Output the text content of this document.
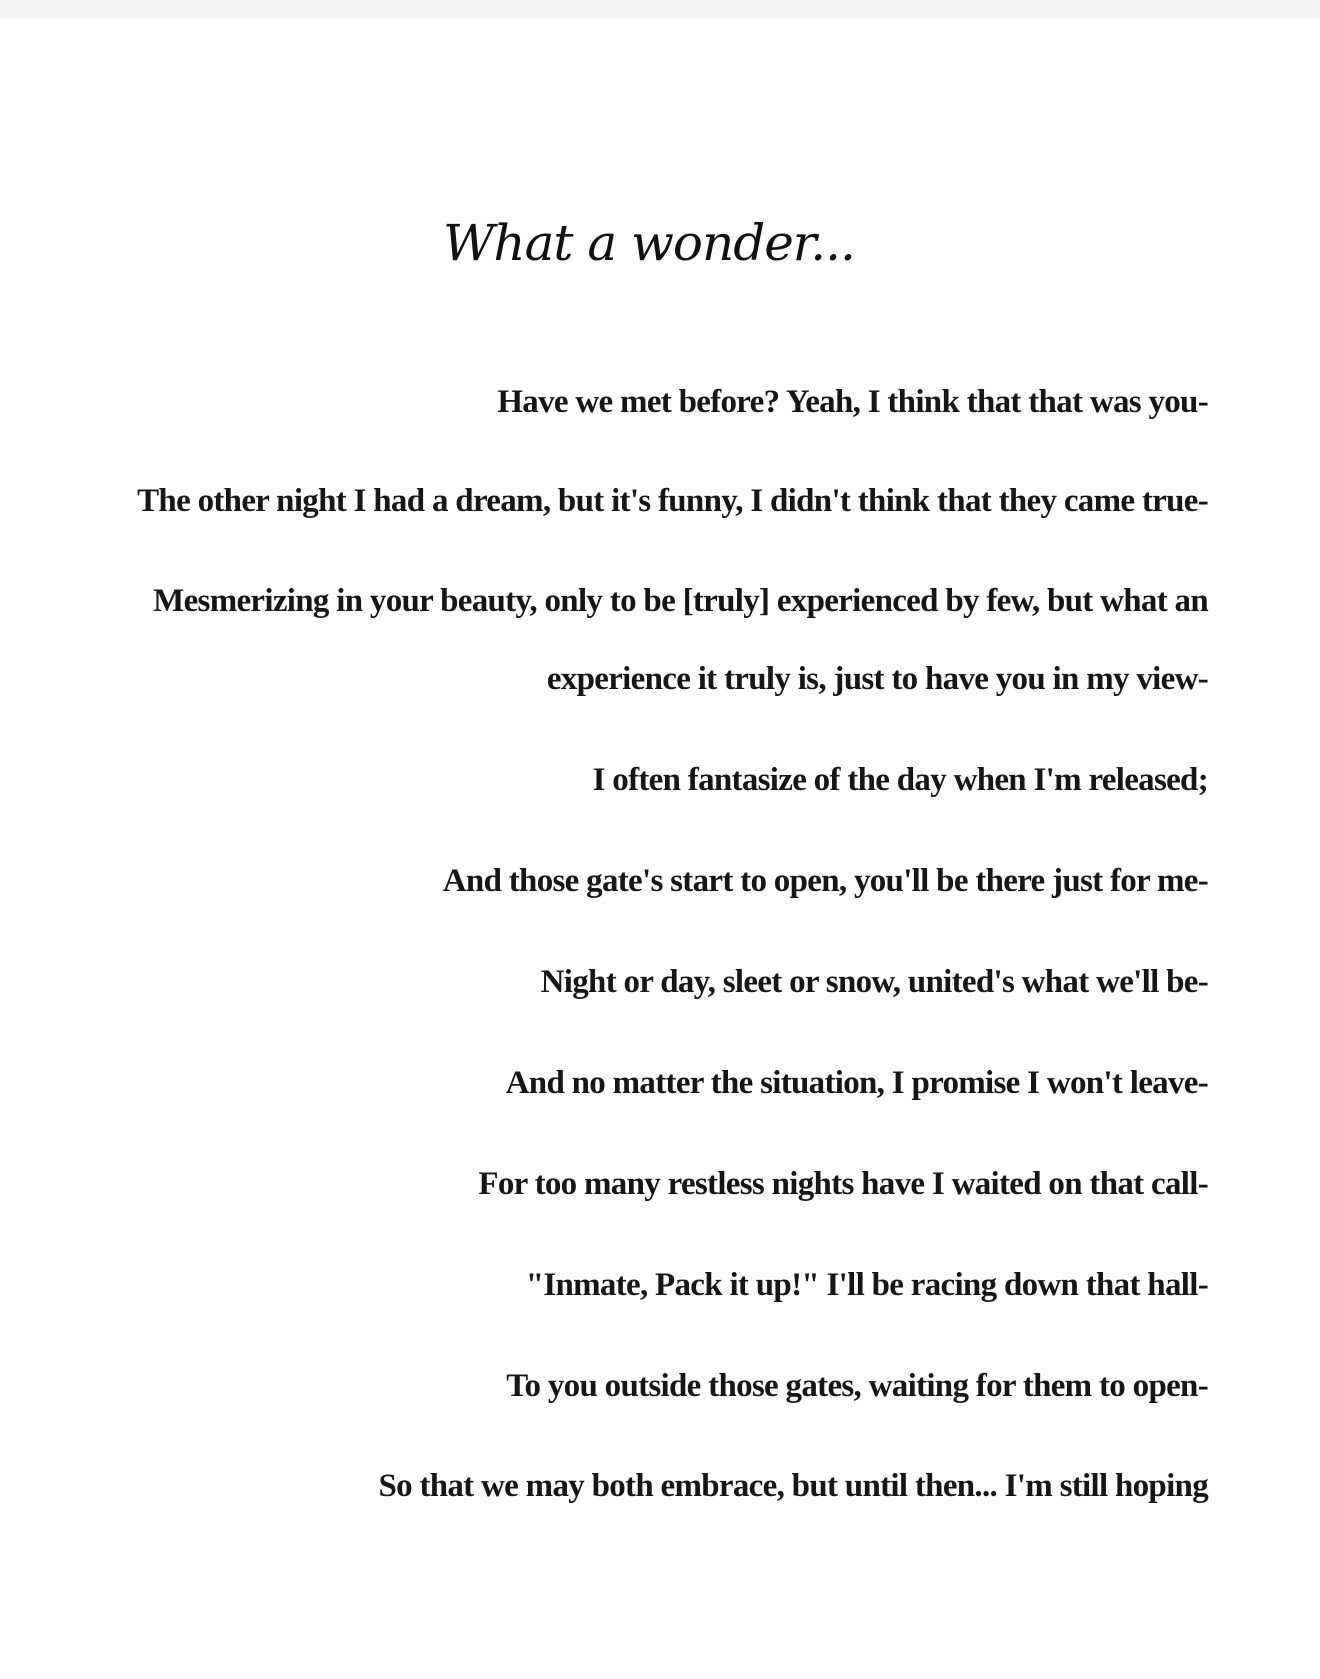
What a wonder...

Have we met before? Yeah, I think that that was you-

The other night I had a dream, but it's funny, I didn't think that they came true-

Mesmerizing in your beauty, only to be [truly] experienced by few, but what an

experience it truly is, just to have you in my view-

I often fantasize of the day when I'm released;

And those gate's start to open, you'll be there just for me-

Night or day, sleet or snow, united's what we'll be-

And no matter the situation, I promise I won't leave-

For too many restless nights have I waited on that call-

"Inmate, Pack it up!" I'll be racing down that hall-

To you outside those gates, waiting for them to open-

So that we may both embrace, but until then... I'm still hoping
